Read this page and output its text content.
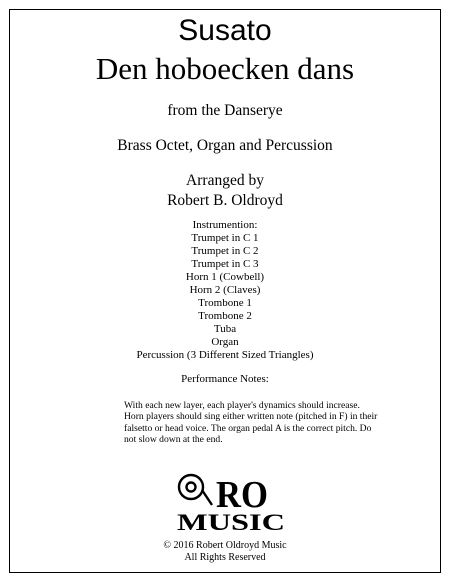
Susato
Den hoboecken dans
from the Danserye
Brass Octet, Organ and Percussion
Arranged by
Robert B. Oldroyd
Instrumention:
Trumpet in C 1
Trumpet in C 2
Trumpet in C 3
Horn 1 (Cowbell)
Horn 2 (Claves)
Trombone 1
Trombone 2
Tuba
Organ
Percussion (3 Different Sized Triangles)
Performance Notes:
With each new layer, each player's dynamics should increase. Horn players should sing either written note (pitched in F) in their falsetto or head voice. The organ pedal A is the correct pitch. Do not slow down at the end.
RO
MUSIC
© 2016 Robert Oldroyd Music
All Rights Reserved
